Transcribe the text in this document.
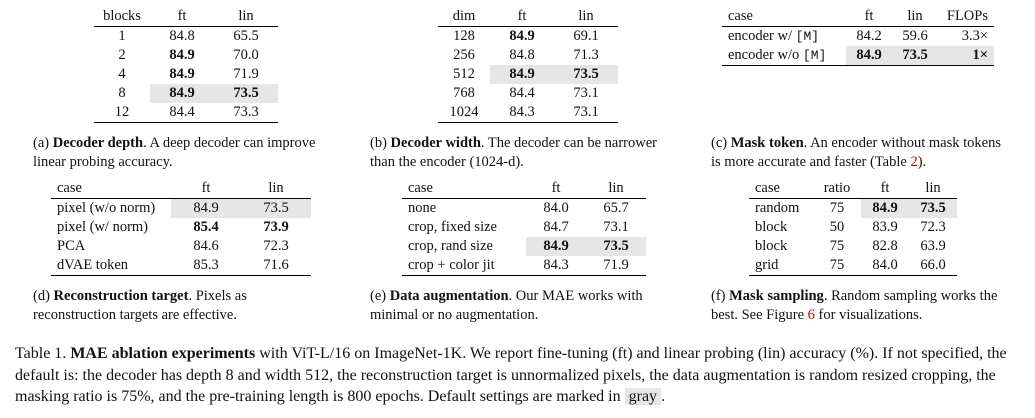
blocks	ft	lin
1	84.8	65.5
2	84.9	70.0
4	84.9	71.9
8	84.9	73.5
12	84.4	73.3
(a) Decoder depth. A deep decoder can improve linear probing accuracy.
dim	ft	lin
128	84.9	69.1
256	84.8	71.3
512	84.9	73.5
768	84.4	73.1
1024	84.3	73.1
(b) Decoder width. The decoder can be narrower than the encoder (1024-d).
case	ft	lin	FLOPs
encoder w/ [M]	84.2	59.6	3.3×
encoder w/o [M]	84.9	73.5	1×
(c) Mask token. An encoder without mask tokens is more accurate and faster (Table 2).
case	ft	lin
pixel (w/o norm)	84.9	73.5
pixel (w/ norm)	85.4	73.9
PCA	84.6	72.3
dVAE token	85.3	71.6
(d) Reconstruction target. Pixels as reconstruction targets are effective.
case	ft	lin
none	84.0	65.7
crop, fixed size	84.7	73.1
crop, rand size	84.9	73.5
crop + color jit	84.3	71.9
(e) Data augmentation. Our MAE works with minimal or no augmentation.
case	ratio	ft	lin
random	75	84.9	73.5
block	50	83.9	72.3
block	75	82.8	63.9
grid	75	84.0	66.0
(f) Mask sampling. Random sampling works the best. See Figure 6 for visualizations.
Table 1. MAE ablation experiments with ViT-L/16 on ImageNet-1K. We report fine-tuning (ft) and linear probing (lin) accuracy (%). If not specified, the default is: the decoder has depth 8 and width 512, the reconstruction target is unnormalized pixels, the data augmentation is random resized cropping, the masking ratio is 75%, and the pre-training length is 800 epochs. Default settings are marked in gray .
